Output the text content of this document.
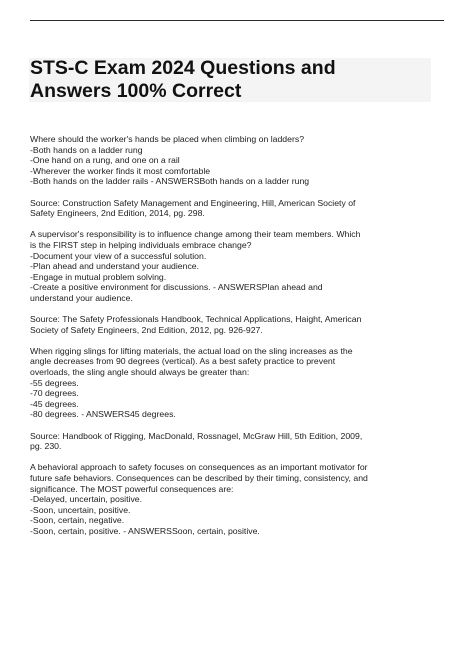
STS-C Exam 2024 Questions and
Answers 100% Correct

Where should the worker's hands be placed when climbing on ladders?
-Both hands on a ladder rung
-One hand on a rung, and one on a rail
-Wherever the worker finds it most comfortable
-Both hands on the ladder rails - ANSWERSBoth hands on a ladder rung

Source: Construction Safety Management and Engineering, Hill, American Society of
Safety Engineers, 2nd Edition, 2014, pg. 298.

A supervisor's responsibility is to influence change among their team members. Which
is the FIRST step in helping individuals embrace change?
-Document your view of a successful solution.
-Plan ahead and understand your audience.
-Engage in mutual problem solving.
-Create a positive environment for discussions. - ANSWERSPlan ahead and
understand your audience.

Source: The Safety Professionals Handbook, Technical Applications, Haight, American
Society of Safety Engineers, 2nd Edition, 2012, pg. 926-927.

When rigging slings for lifting materials, the actual load on the sling increases as the
angle decreases from 90 degrees (vertical). As a best safety practice to prevent
overloads, the sling angle should always be greater than:
-55 degrees.
-70 degrees.
-45 degrees.
-80 degrees. - ANSWERS45 degrees.

Source: Handbook of Rigging, MacDonald, Rossnagel, McGraw Hill, 5th Edition, 2009,
pg. 230.

A behavioral approach to safety focuses on consequences as an important motivator for
future safe behaviors. Consequences can be described by their timing, consistency, and
significance. The MOST powerful consequences are:
-Delayed, uncertain, positive.
-Soon, uncertain, positive.
-Soon, certain, negative.
-Soon, certain, positive. - ANSWERSSoon, certain, positive.
